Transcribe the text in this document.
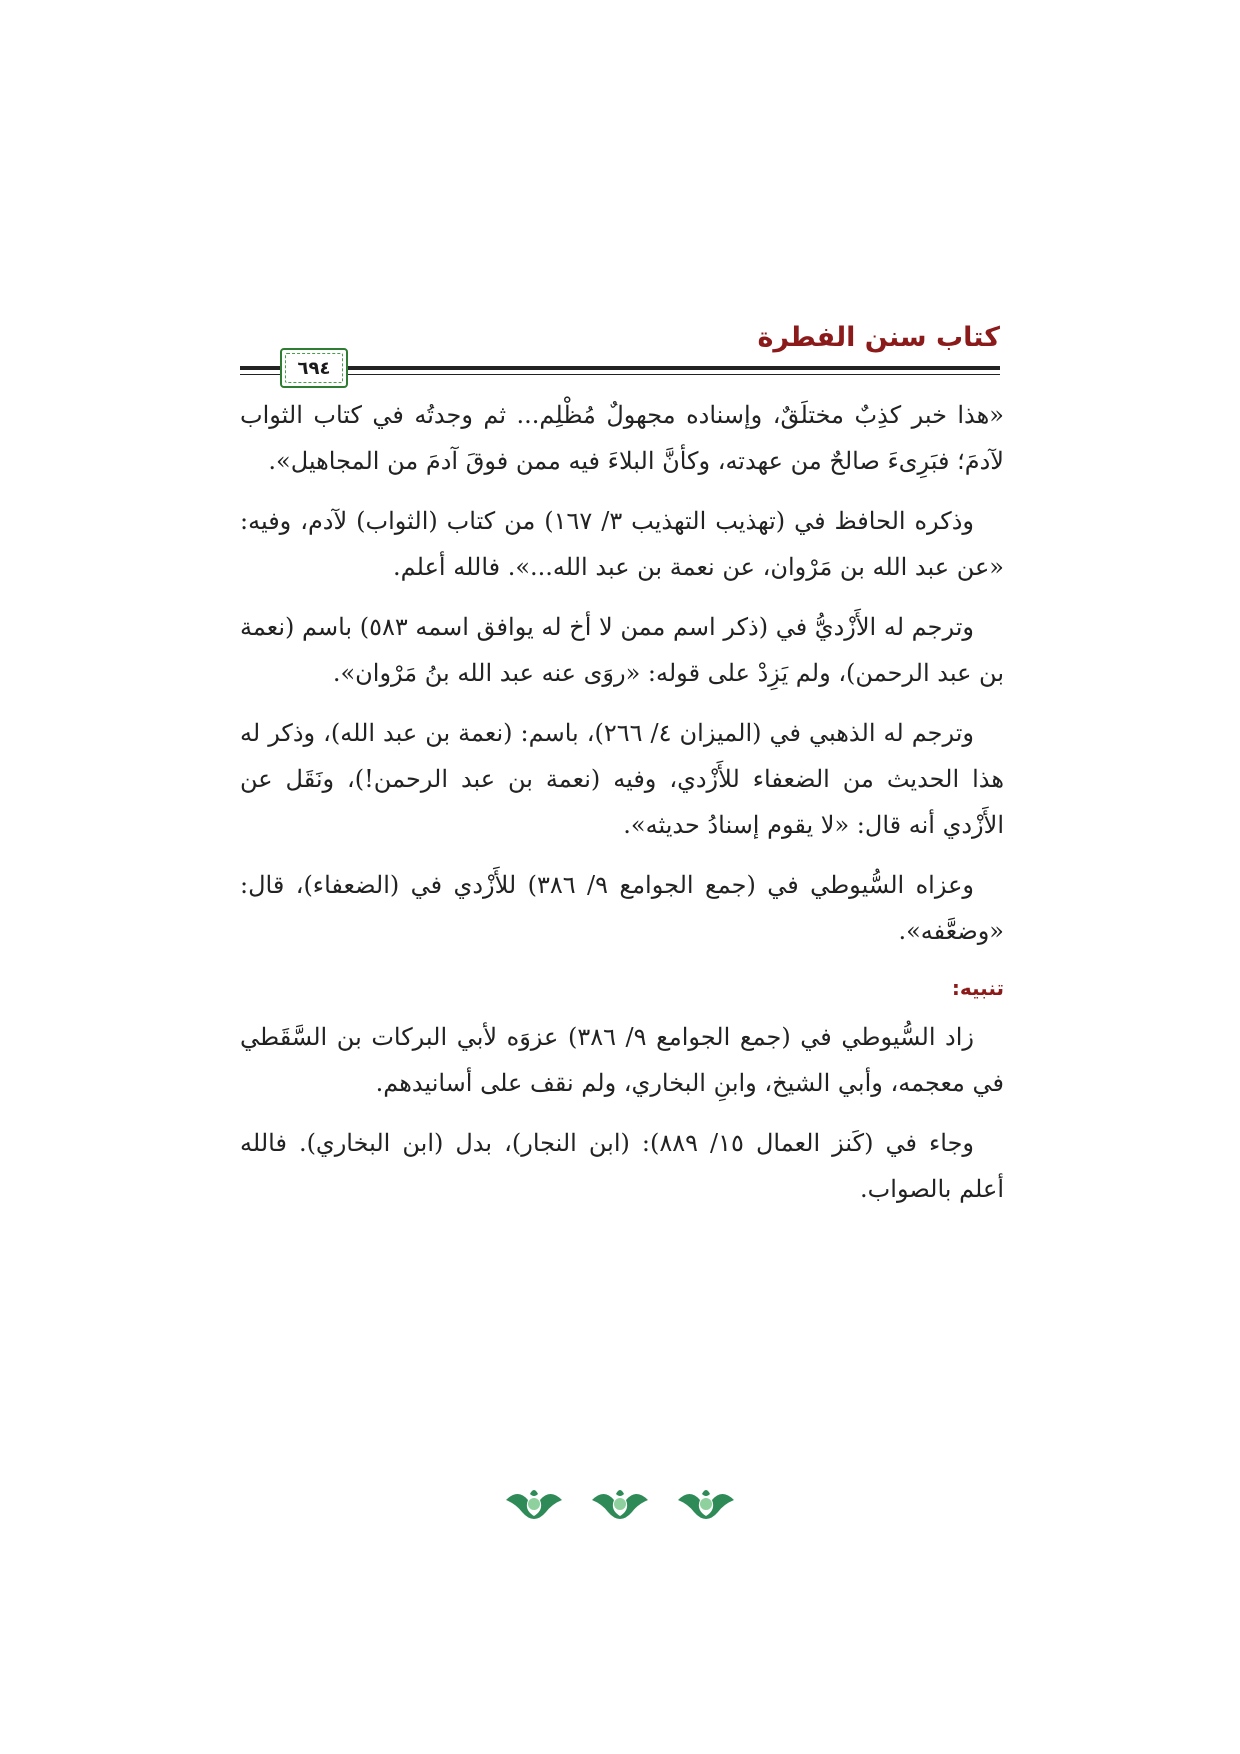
كتاب سنن الفطرة
٦٩٤

«هذا خبر كذِبٌ مختلَقٌ، وإسناده مجهولٌ مُظْلِم... ثم وجدتُه في كتاب الثواب لآدمَ؛ فبَرِىءَ صالحٌ من عهدته، وكأنَّ البلاءَ فيه ممن فوقَ آدمَ من المجاهيل».

وذكره الحافظ في (تهذيب التهذيب ٣/ ١٦٧) من كتاب (الثواب) لآدم، وفيه: «عن عبد الله بن مَرْوان، عن نعمة بن عبد الله...». فالله أعلم.

وترجم له الأَزْديُّ في (ذكر اسم ممن لا أخ له يوافق اسمه ٥٨٣) باسم (نعمة بن عبد الرحمن)، ولم يَزِدْ على قوله: «روَى عنه عبد الله بنُ مَرْوان».

وترجم له الذهبي في (الميزان ٤/ ٢٦٦)، باسم: (نعمة بن عبد الله)، وذكر له هذا الحديث من الضعفاء للأَزْدي، وفيه (نعمة بن عبد الرحمن!)، ونَقَل عن الأَزْدي أنه قال: «لا يقوم إسنادُ حديثه».

وعزاه السُّيوطي في (جمع الجوامع ٩/ ٣٨٦) للأَزْدي في (الضعفاء)، قال: «وضعَّفه».

تنبيه:

زاد السُّيوطي في (جمع الجوامع ٩/ ٣٨٦) عزوَه لأبي البركات بن السَّقَطي في معجمه، وأبي الشيخ، وابنِ البخاري، ولم نقف على أسانيدهم.

وجاء في (كَنز العمال ١٥/ ٨٨٩): (ابن النجار)، بدل (ابن البخاري). فالله أعلم بالصواب.
